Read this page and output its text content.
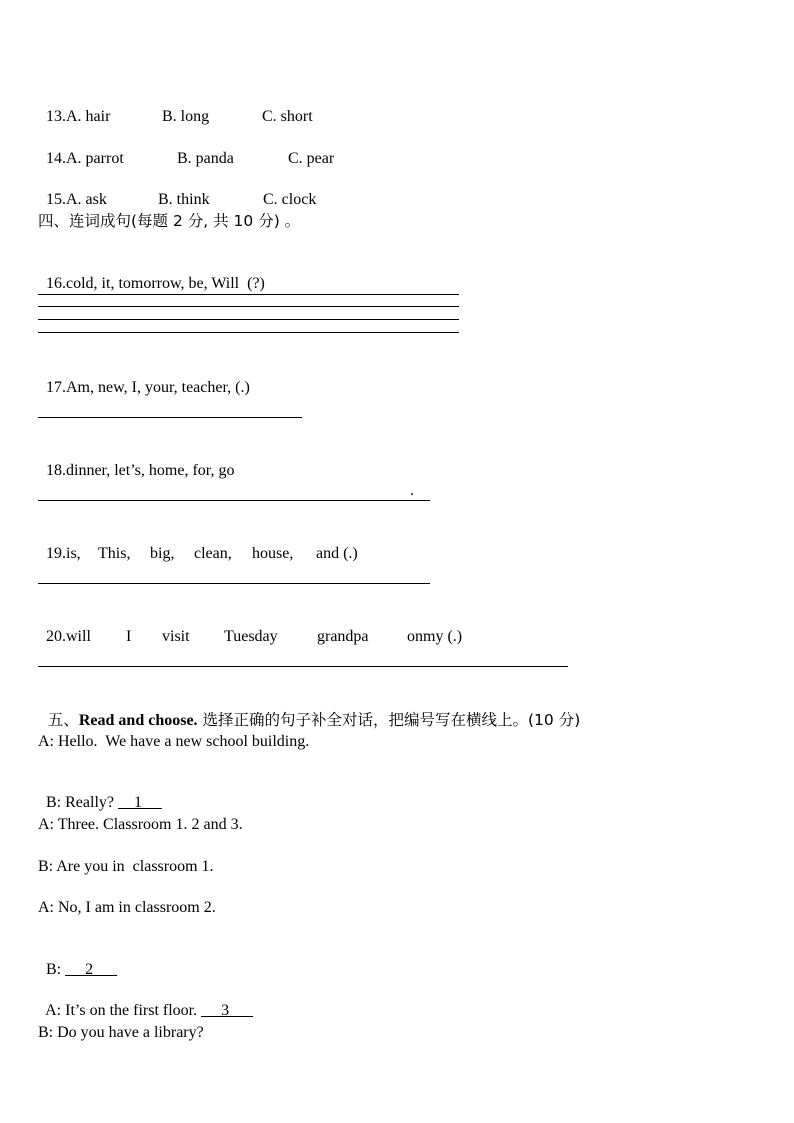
13.A. hair	B. long	C. short

14.A. parrot	B. panda	C. pear

15.A. ask	B. think	C. clock

四、连词成句(每题 2 分, 共 10 分) 。

16.cold, it, tomorrow, be, Will  (?)

17.Am, new, I, your, teacher, (.)

18.dinner, let’s, home, for, go

.

19.is, This, big, clean, house, and (.)

20.will I visit Tuesday grandpa onmy (.)

五、Read and choose. 选择正确的句子补全对话，把编号写在横线上。(10 分)

A: Hello.  We have a new school building.

B: Really?     1

A: Three. Classroom 1. 2 and 3.
B: Are you in  classroom 1.
A: No, I am in classroom 2.

B:      2

A: It’s on the first floor.      3

B: Do you have a library?
